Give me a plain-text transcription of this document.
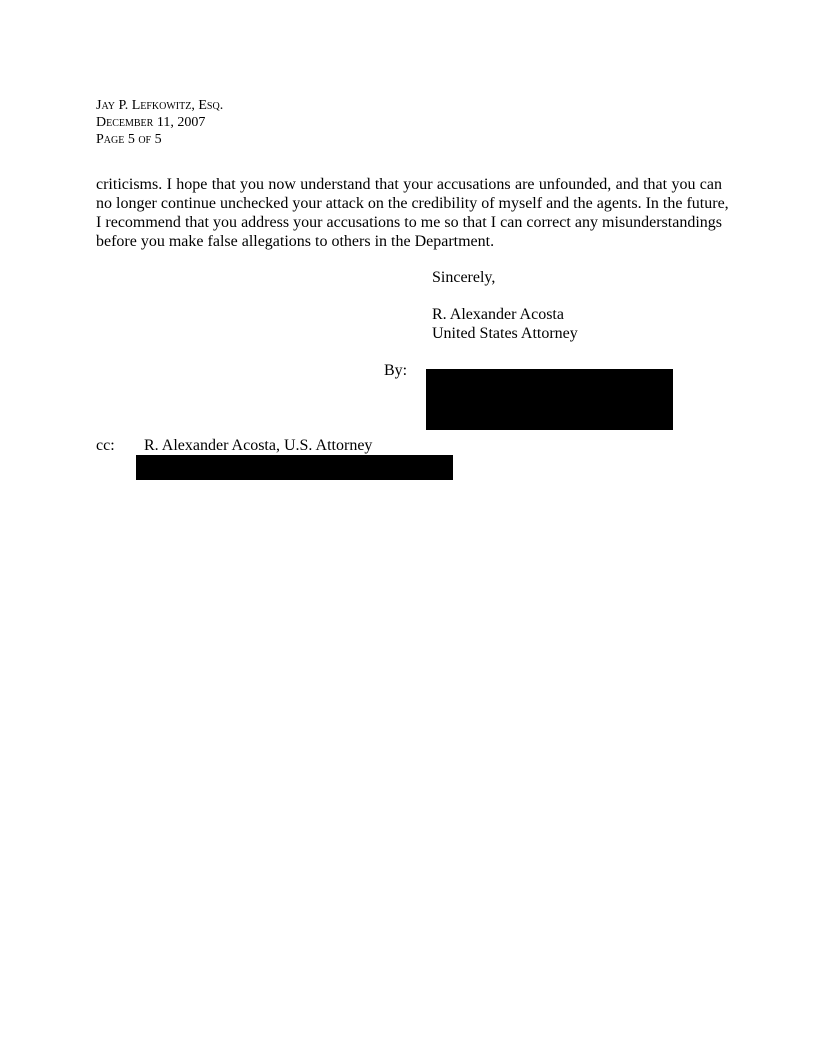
Jay P. Lefkowitz, Esq.
December 11, 2007
Page 5 of 5
criticisms. I hope that you now understand that your accusations are unfounded, and that you can
no longer continue unchecked your attack on the credibility of myself and the agents. In the future,
I recommend that you address your accusations to me so that I can correct any misunderstandings
before you make false allegations to others in the Department.
Sincerely,
R. Alexander Acosta
United States Attorney
By:
cc: R. Alexander Acosta, U.S. Attorney
